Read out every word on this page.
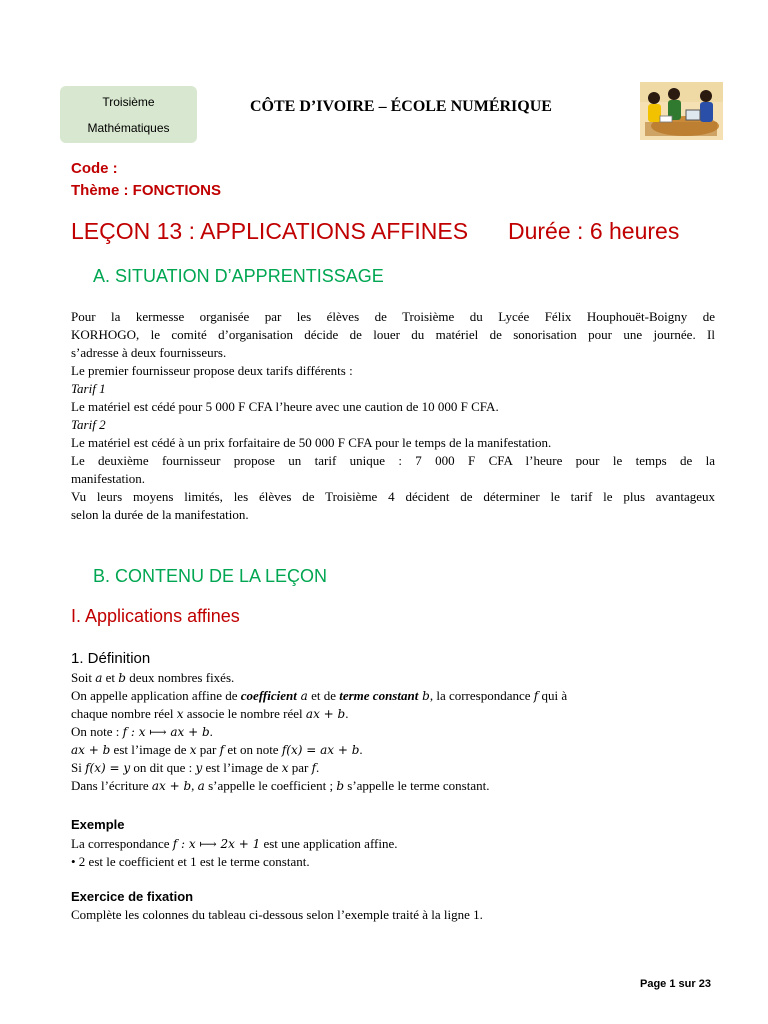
Troisième
Mathématiques
CÔTE D’IVOIRE – ÉCOLE NUMÉRIQUE
Code :
Thème : FONCTIONS
LEÇON 13 : APPLICATIONS AFFINES Durée : 6 heures
A. SITUATION D’APPRENTISSAGE
Pour la kermesse organisée par les élèves de Troisième du Lycée Félix Houphouët-Boigny de
KORHOGO, le comité d’organisation décide de louer du matériel de sonorisation pour une journée. Il
s’adresse à deux fournisseurs.
Le premier fournisseur propose deux tarifs différents :
Tarif 1
Le matériel est cédé pour 5 000 F CFA l’heure avec une caution de 10 000 F CFA.
Tarif 2
Le matériel est cédé à un prix forfaitaire de 50 000 F CFA pour le temps de la manifestation.
Le deuxième fournisseur propose un tarif unique : 7 000 F CFA l’heure pour le temps de la
manifestation.
Vu leurs moyens limités, les élèves de Troisième 4 décident de déterminer le tarif le plus avantageux
selon la durée de la manifestation.
B. CONTENU DE LA LEÇON
I. Applications affines
1. Définition
Soit a et b deux nombres fixés.
On appelle application affine de coefficient a et de terme constant b, la correspondance f qui à
chaque nombre réel x associe le nombre réel ax + b.
On note : f : x ⟼ ax + b.
ax + b est l’image de x par f et on note f(x) = ax + b.
Si f(x) = y on dit que : y est l’image de x par f.
Dans l’écriture ax + b, a s’appelle le coefficient ; b s’appelle le terme constant.
Exemple
La correspondance f : x ⟼ 2x + 1 est une application affine.
• 2 est le coefficient et 1 est le terme constant.
Exercice de fixation
Complète les colonnes du tableau ci-dessous selon l’exemple traité à la ligne 1.
Page 1 sur 23
